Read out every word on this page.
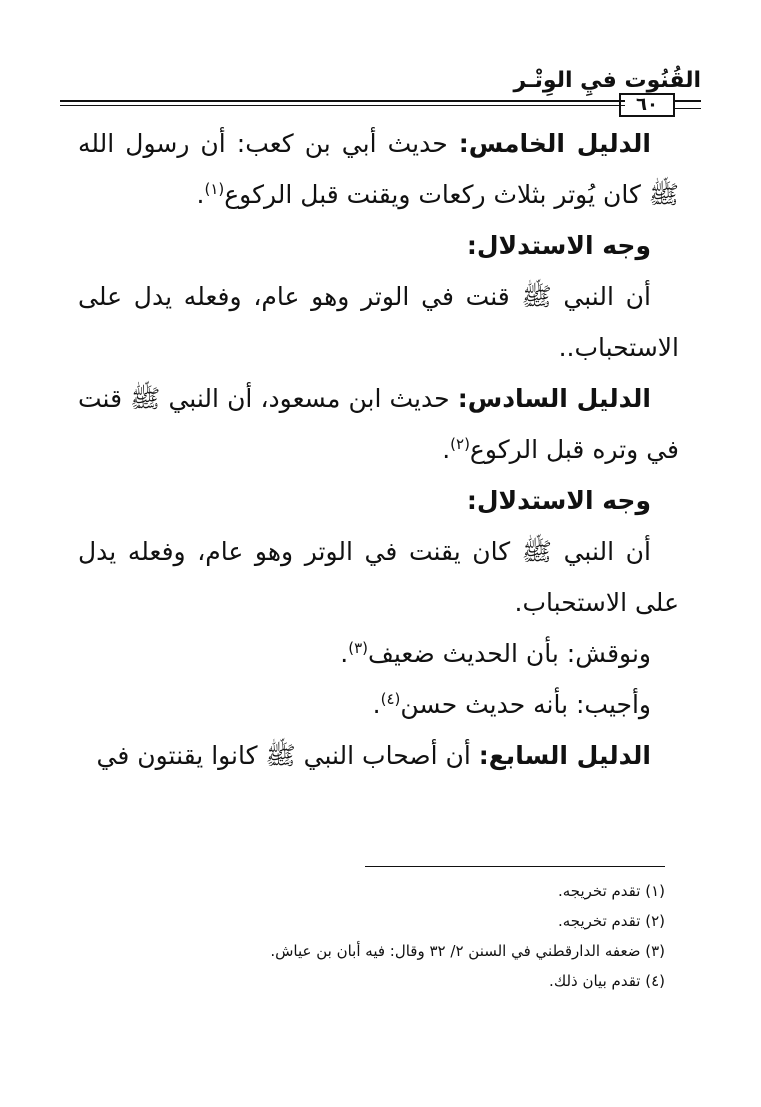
القُنُوت فيِ الوِتْـر
٦٠

الدليل الخامس: حديث أبي بن كعب: أن رسول الله ﷺ كان يُوتر بثلاث ركعات ويقنت قبل الركوع$^{(١)}$.

وجه الاستدلال:

أن النبي ﷺ قنت في الوتر وهو عام، وفعله يدل على الاستحباب..

الدليل السادس: حديث ابن مسعود، أن النبي ﷺ قنت في وتره قبل الركوع$^{(٢)}$.

وجه الاستدلال:

أن النبي ﷺ كان يقنت في الوتر وهو عام، وفعله يدل على الاستحباب.

ونوقش: بأن الحديث ضعيف$^{(٣)}$.

وأجيب: بأنه حديث حسن$^{(٤)}$.

الدليل السابع: أن أصحاب النبي ﷺ كانوا يقنتون في

(١) تقدم تخريجه.
(٢) تقدم تخريجه.
(٣) ضعفه الدارقطني في السنن ٢/ ٣٢ وقال: فيه أبان بن عياش.
(٤) تقدم بيان ذلك.
